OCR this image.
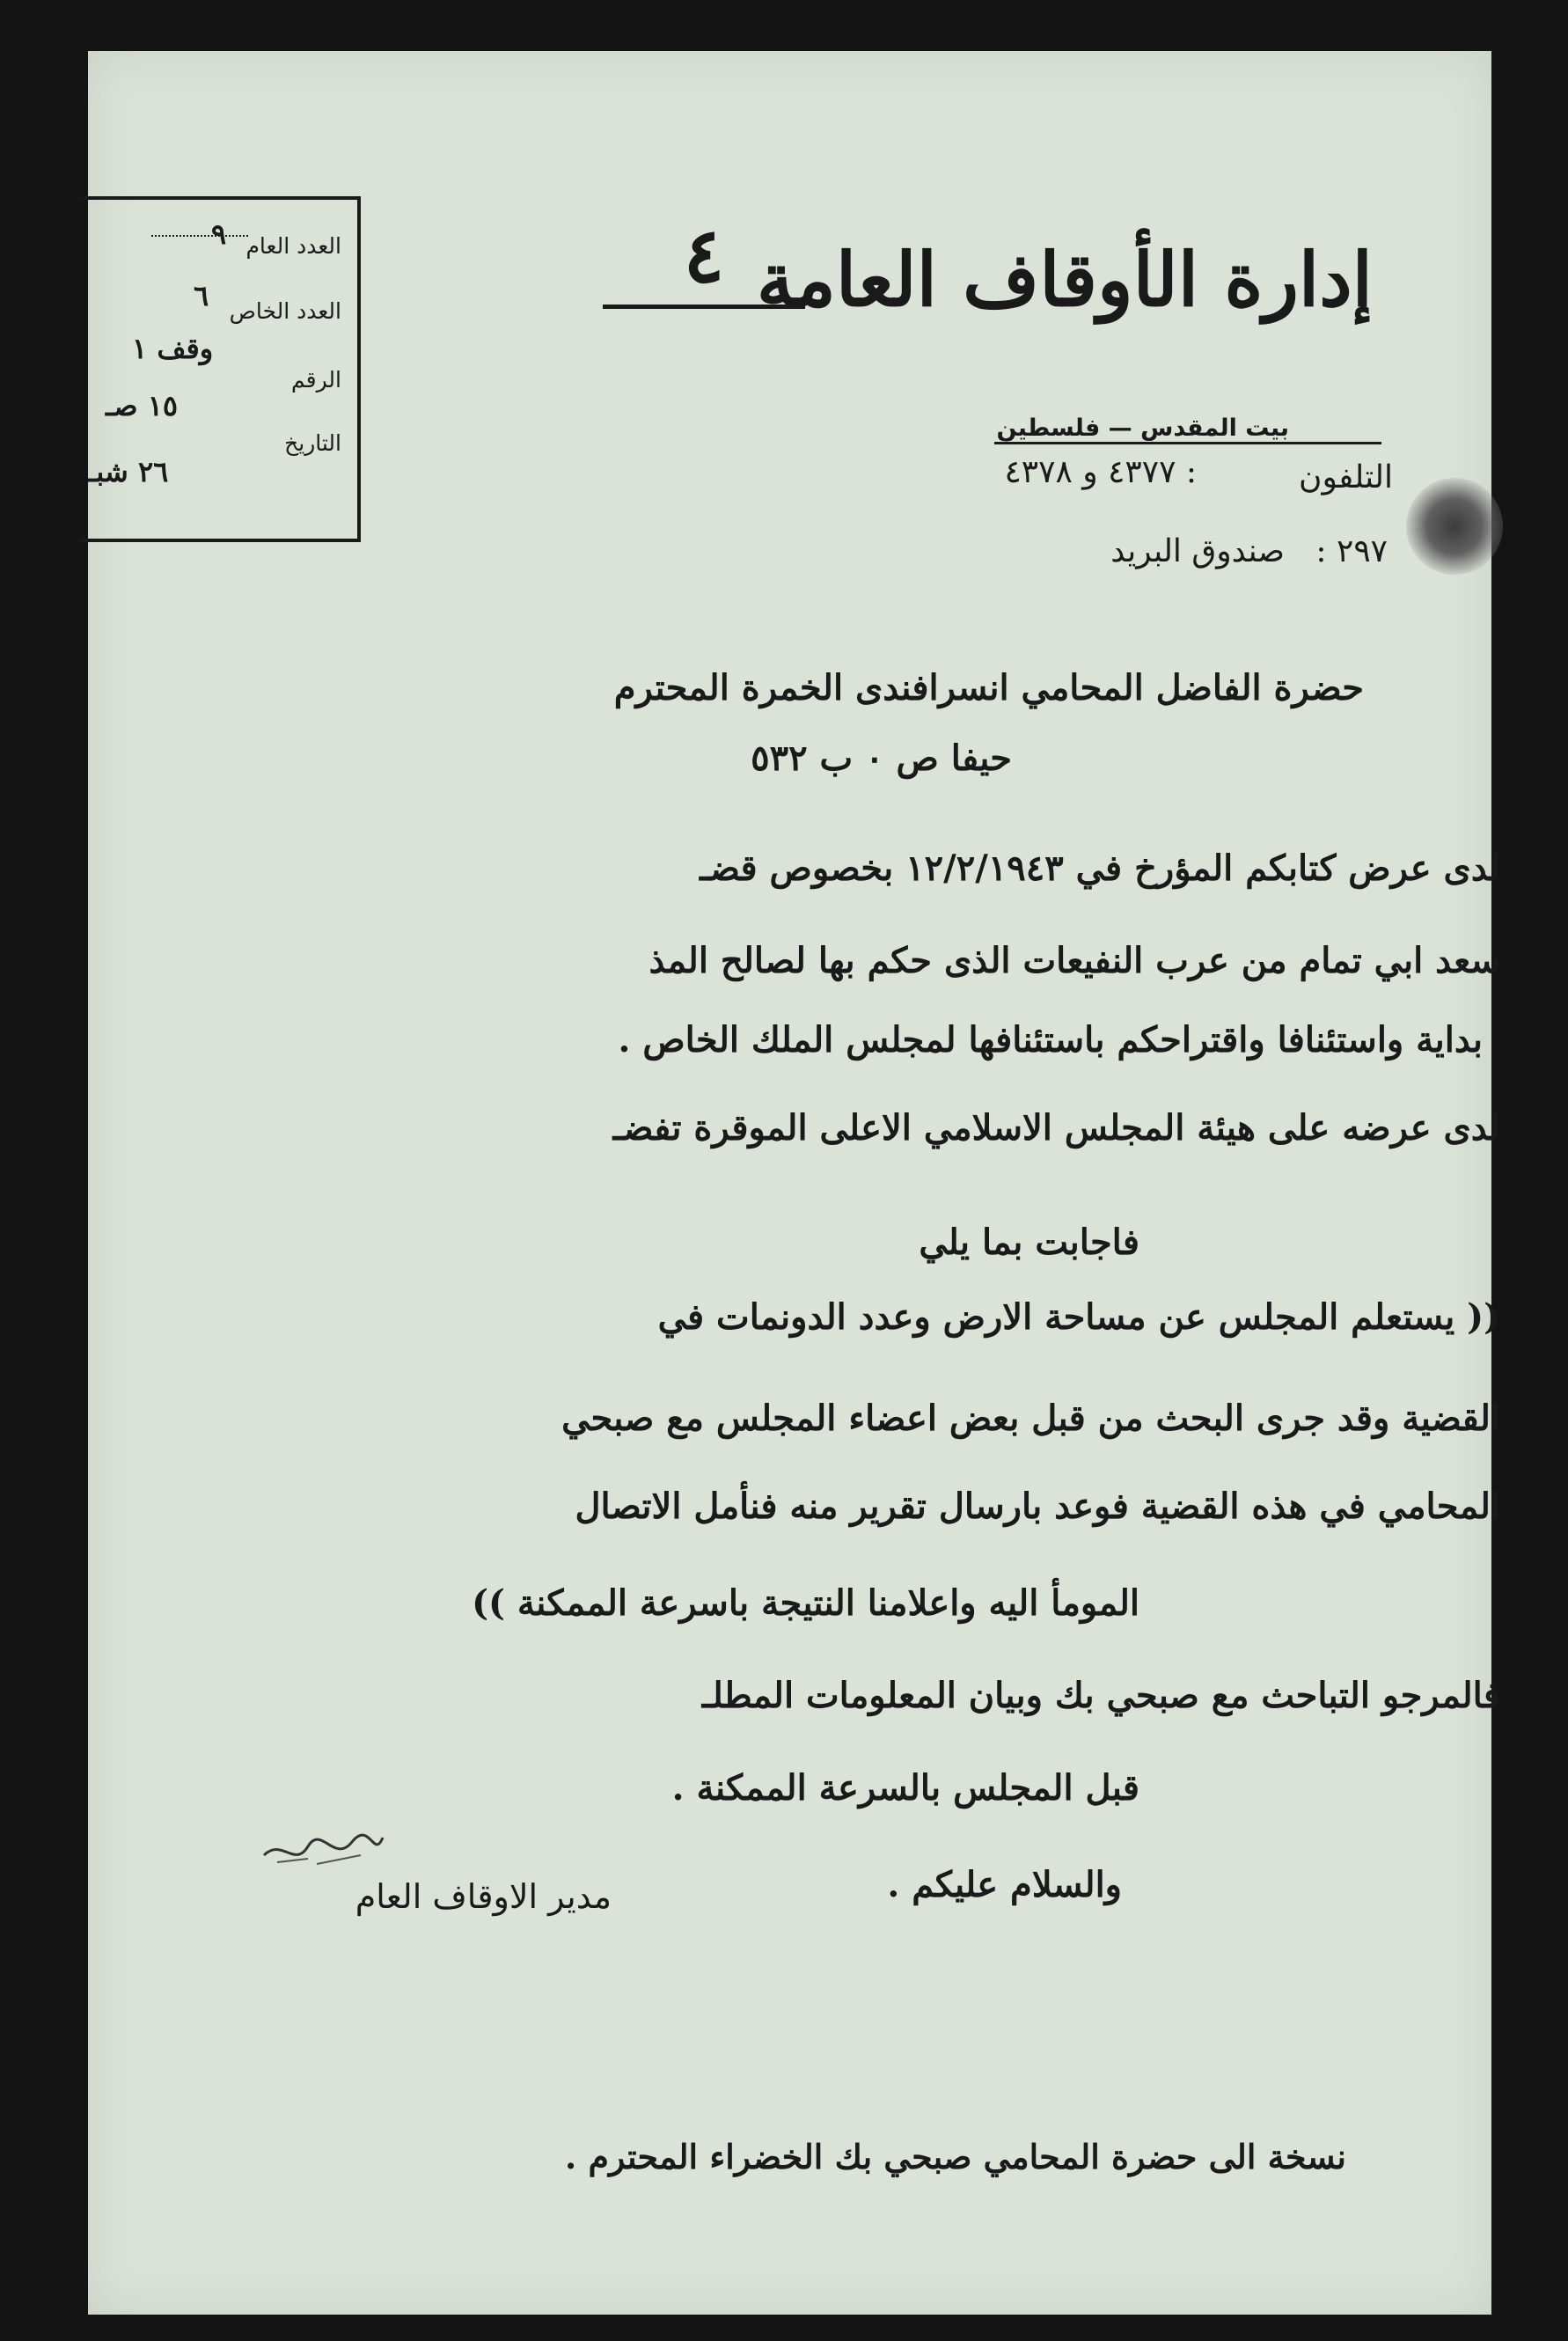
العدد العام
٩
العدد الخاص
٦
الرقم
وقف ١
التاريخ
١٥ صـ
٢٦ شبـ
٤ إدارة الأوقاف العامة
بيت المقدس — فلسطين
التلفون
: ٤٣٧٧ و ٤٣٧٨
صندوق البريد : ٢٩٧
حضرة الفاضل المحامي انسرافندى الخمرة المحترم
حيفا ص ٠ ب ٥٣٢
لدى عرض كتابكم المؤرخ في ١٢/٢/١٩٤٣ بخصوص قضـ
سعد ابي تمام من عرب النفيعات الذى حكم بها لصالح المذ
بداية واستئنافا واقتراحكم باستئنافها لمجلس الملك الخاص .
لدى عرضه على هيئة المجلس الاسلامي الاعلى الموقرة تفضـ
فاجابت بما يلي
(( يستعلم المجلس عن مساحة الارض وعدد الدونمات في
القضية وقد جرى البحث من قبل بعض اعضاء المجلس مع صبحي
المحامي في هذه القضية فوعد بارسال تقرير منه فنأمل الاتصال
المومأ اليه واعلامنا النتيجة باسرعة الممكنة ))
فالمرجو التباحث مع صبحي بك وبيان المعلومات المطلـ
قبل المجلس بالسرعة الممكنة .
والسلام عليكم .
مدير الاوقاف العام
نسخة الى حضرة المحامي صبحي بك الخضراء المحترم .
